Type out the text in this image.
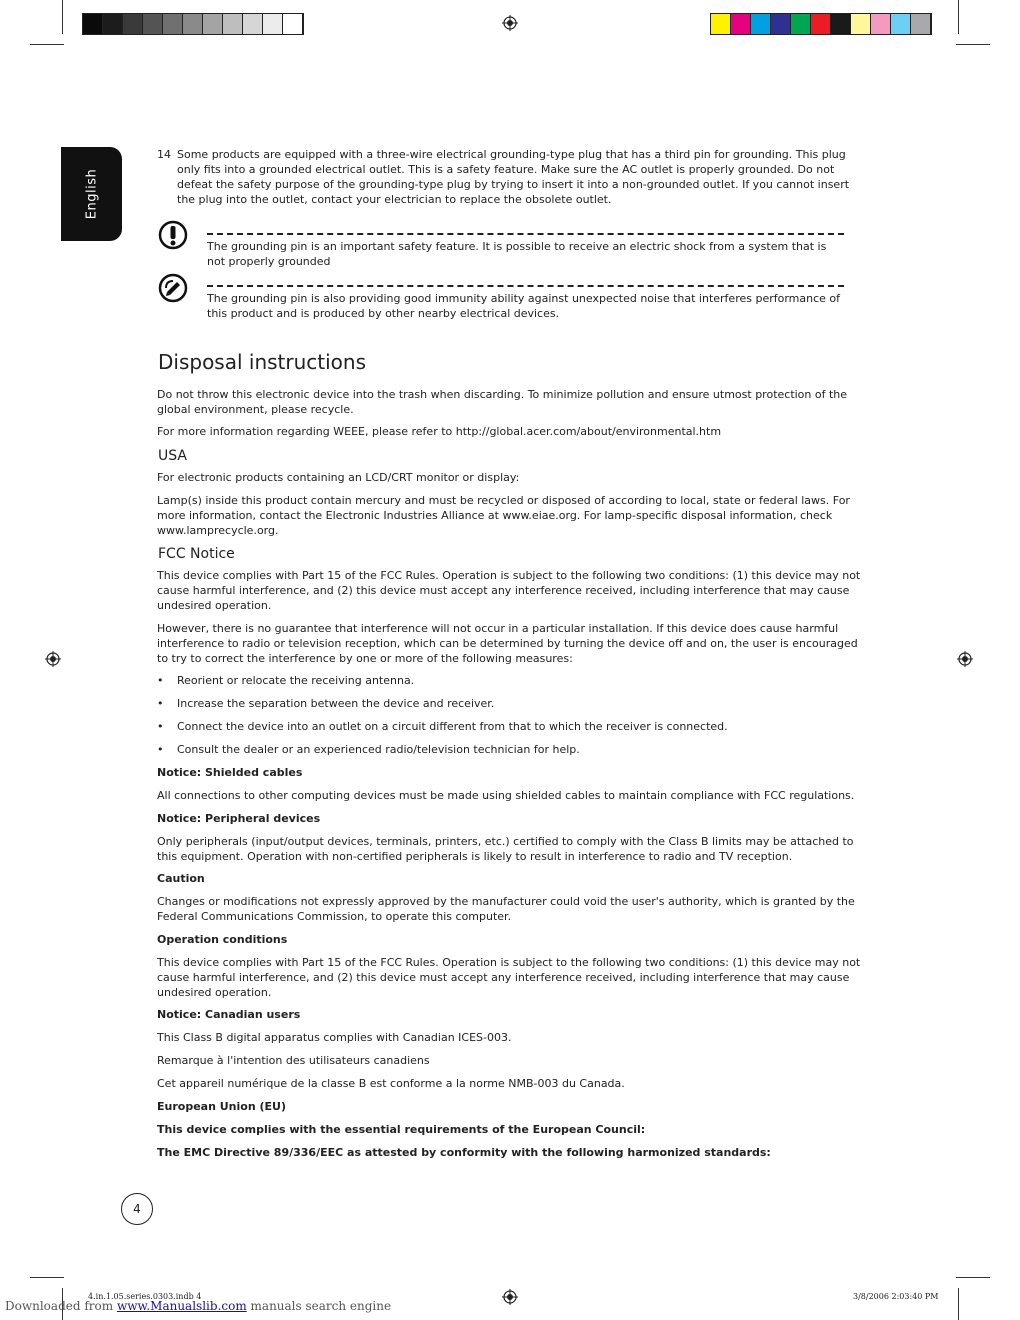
English
14 Some products are equipped with a three-wire electrical grounding-type plug that has a third pin for grounding. This plug only fits into a grounded electrical outlet. This is a safety feature. Make sure the AC outlet is properly grounded. Do not defeat the safety purpose of the grounding-type plug by trying to insert it into a non-grounded outlet. If you cannot insert the plug into the outlet, contact your electrician to replace the obsolete outlet.
The grounding pin is an important safety feature. It is possible to receive an electric shock from a system that is not properly grounded
The grounding pin is also providing good immunity ability against unexpected noise that interferes performance of this product and is produced by other nearby electrical devices.
Disposal instructions
Do not throw this electronic device into the trash when discarding. To minimize pollution and ensure utmost protection of the global environment, please recycle.
For more information regarding WEEE, please refer to http://global.acer.com/about/environmental.htm
USA
For electronic products containing an LCD/CRT monitor or display:
Lamp(s) inside this product contain mercury and must be recycled or disposed of according to local, state or federal laws. For more information, contact the Electronic Industries Alliance at www.eiae.org. For lamp-specific disposal information, check www.lamprecycle.org.
FCC Notice
This device complies with Part 15 of the FCC Rules. Operation is subject to the following two conditions: (1) this device may not cause harmful interference, and (2) this device must accept any interference received, including interference that may cause undesired operation.
However, there is no guarantee that interference will not occur in a particular installation. If this device does cause harmful interference to radio or television reception, which can be determined by turning the device off and on, the user is encouraged to try to correct the interference by one or more of the following measures:
• Reorient or relocate the receiving antenna.
• Increase the separation between the device and receiver.
• Connect the device into an outlet on a circuit different from that to which the receiver is connected.
• Consult the dealer or an experienced radio/television technician for help.
Notice: Shielded cables
All connections to other computing devices must be made using shielded cables to maintain compliance with FCC regulations.
Notice: Peripheral devices
Only peripherals (input/output devices, terminals, printers, etc.) certified to comply with the Class B limits may be attached to this equipment. Operation with non-certified peripherals is likely to result in interference to radio and TV reception.
Caution
Changes or modifications not expressly approved by the manufacturer could void the user's authority, which is granted by the Federal Communications Commission, to operate this computer.
Operation conditions
This device complies with Part 15 of the FCC Rules. Operation is subject to the following two conditions: (1) this device may not cause harmful interference, and (2) this device must accept any interference received, including interference that may cause undesired operation.
Notice: Canadian users
This Class B digital apparatus complies with Canadian ICES-003.
Remarque à l'intention des utilisateurs canadiens
Cet appareil numérique de la classe B est conforme a la norme NMB-003 du Canada.
European Union (EU)
This device complies with the essential requirements of the European Council:
The EMC Directive 89/336/EEC as attested by conformity with the following harmonized standards:
4
4.in.1.05.series.0303.indb 4	3/8/2006 2:03:40 PM
Downloaded from www.Manualslib.com manuals search engine
